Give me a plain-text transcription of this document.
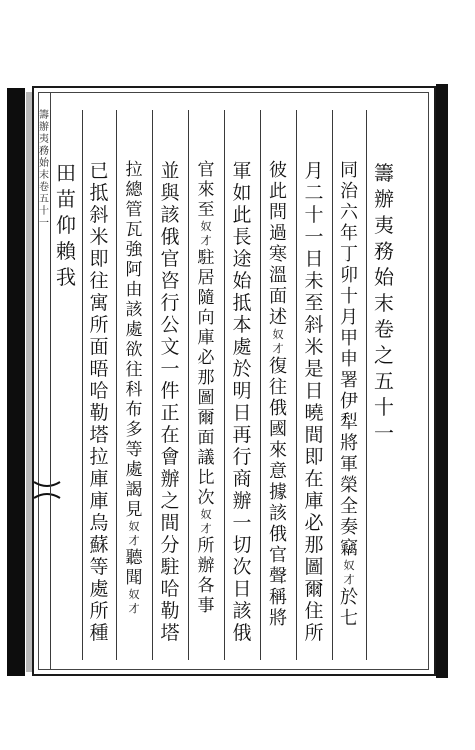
籌
辦
夷
務
始
末
卷
五
十
一
籌
辦
夷
務
始
末
卷
之
五
十
一
同
治
六
年
丁
卯
十
月
甲
申
署
伊
犁
將
軍
榮
全
奏
竊
奴
才
於
七
月
二
十
一
日
未
至
斜
米
是
日
曉
間
即
在
庫
必
那
圖
爾
住
所
彼
此
問
過
寒
溫
面
述
奴
才
復
往
俄
國
來
意
據
該
俄
官
聲
稱
將
軍
如
此
長
途
始
抵
本
處
於
明
日
再
行
商
辦
一
切
次
日
該
俄
官
來
至
奴
才
駐
居
隨
向
庫
必
那
圖
爾
面
議
比
次
奴
才
所
辦
各
事
並
與
該
俄
官
咨
行
公
文
一
件
正
在
會
辦
之
間
分
駐
哈
勒
塔
拉
總
管
瓦
強
阿
由
該
處
欲
往
科
布
多
等
處
謁
見
奴
才
聽
聞
奴
才
已
抵
斜
米
即
往
寓
所
面
晤
哈
勒
塔
拉
庫
庫
烏
蘇
等
處
所
種
田
苗
仰
賴
我
